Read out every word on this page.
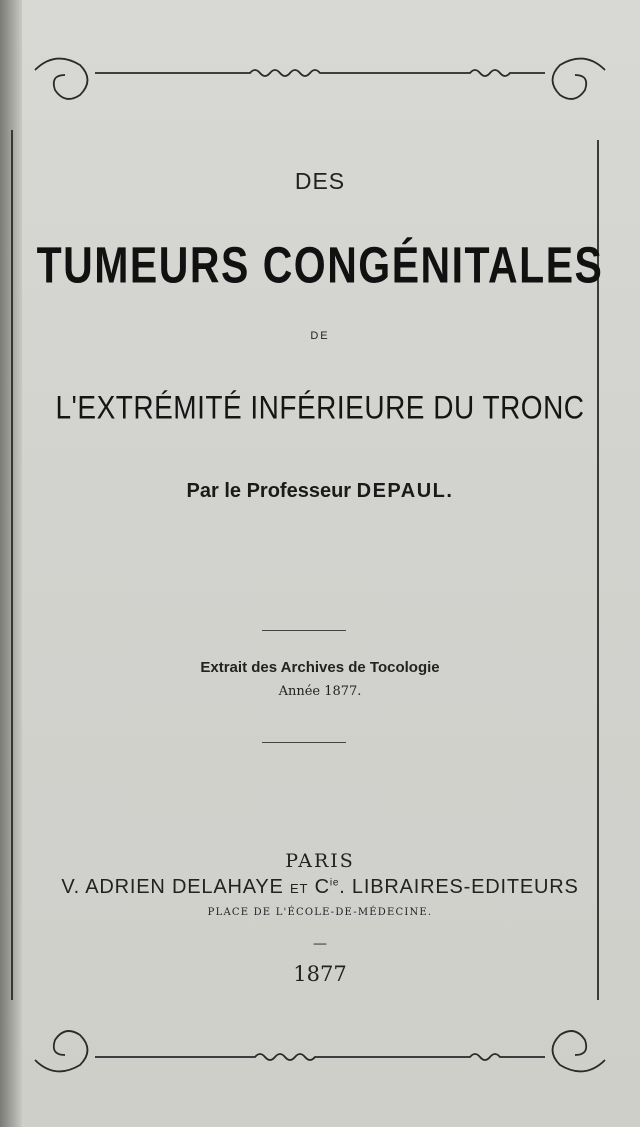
DES
TUMEURS CONGÉNITALES
DE
L'EXTRÉMITÉ INFÉRIEURE DU TRONC
Par le Professeur DEPAUL.
Extrait des Archives de Tocologie
Année 1877.
PARIS
V. ADRIEN DELAHAYE ET $C^{ie}$. LIBRAIRES-EDITEURS
PLACE DE L'ÉCOLE-DE-MÉDECINE.
—
1877
